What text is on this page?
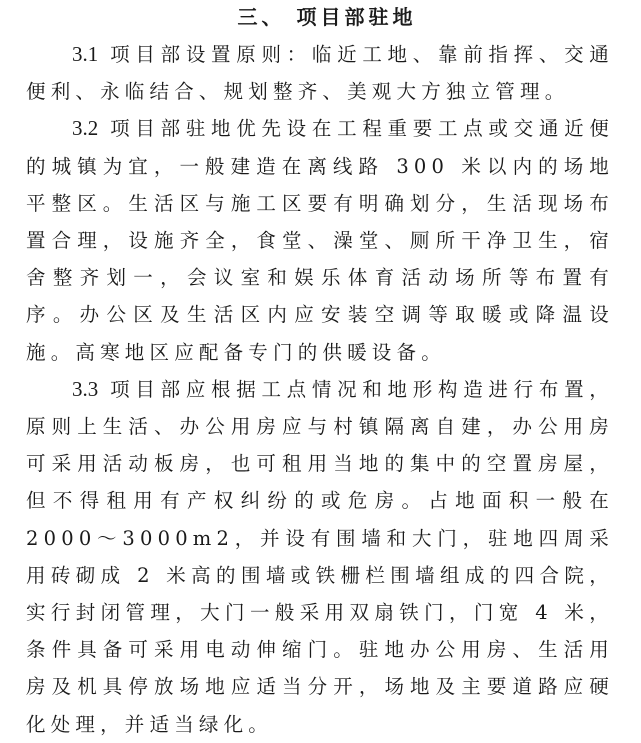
三、 项目部驻地

3.1 项目部设置原则：临近工地、靠前指挥、交通便利、永临结合、规划整齐、美观大方独立管理。

3.2 项目部驻地优先设在工程重要工点或交通近便的城镇为宜，一般建造在离线路 300 米以内的场地平整区。生活区与施工区要有明确划分，生活现场布置合理，设施齐全，食堂、澡堂、厕所干净卫生，宿舍整齐划一，会议室和娱乐体育活动场所等布置有序。办公区及生活区内应安装空调等取暖或降温设施。高寒地区应配备专门的供暖设备。

3.3 项目部应根据工点情况和地形构造进行布置，原则上生活、办公用房应与村镇隔离自建，办公用房可采用活动板房，也可租用当地的集中的空置房屋，但不得租用有产权纠纷的或危房。占地面积一般在 2000～3000m2，并设有围墙和大门，驻地四周采用砖砌成 2 米高的围墙或铁栅栏围墙组成的四合院，实行封闭管理，大门一般采用双扇铁门，门宽 4 米，条件具备可采用电动伸缩门。驻地办公用房、生活用房及机具停放场地应适当分开，场地及主要道路应硬化处理，并适当绿化。
